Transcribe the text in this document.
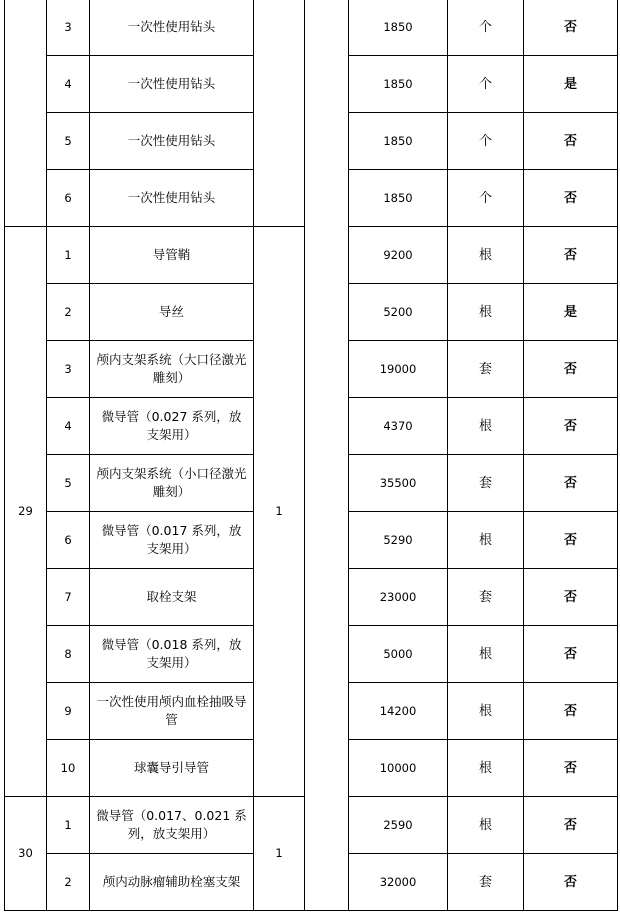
	3	一次性使用钻头			1850	个	否
	4	一次性使用钻头			1850	个	是
	5	一次性使用钻头			1850	个	否
	6	一次性使用钻头			1850	个	否
29	1	导管鞘	1		9200	根	否
	2	导丝			5200	根	是
	3	颅内支架系统（大口径激光雕刻）			19000	套	否
	4	微导管（0.027 系列，放支架用）			4370	根	否
	5	颅内支架系统（小口径激光雕刻）			35500	套	否
	6	微导管（0.017 系列，放支架用）			5290	根	否
	7	取栓支架			23000	套	否
	8	微导管（0.018 系列，放支架用）			5000	根	否
	9	一次性使用颅内血栓抽吸导管			14200	根	否
	10	球囊导引导管			10000	根	否
30	1	微导管（0.017、0.021 系列，放支架用）	1		2590	根	否
	2	颅内动脉瘤辅助栓塞支架			32000	套	否
